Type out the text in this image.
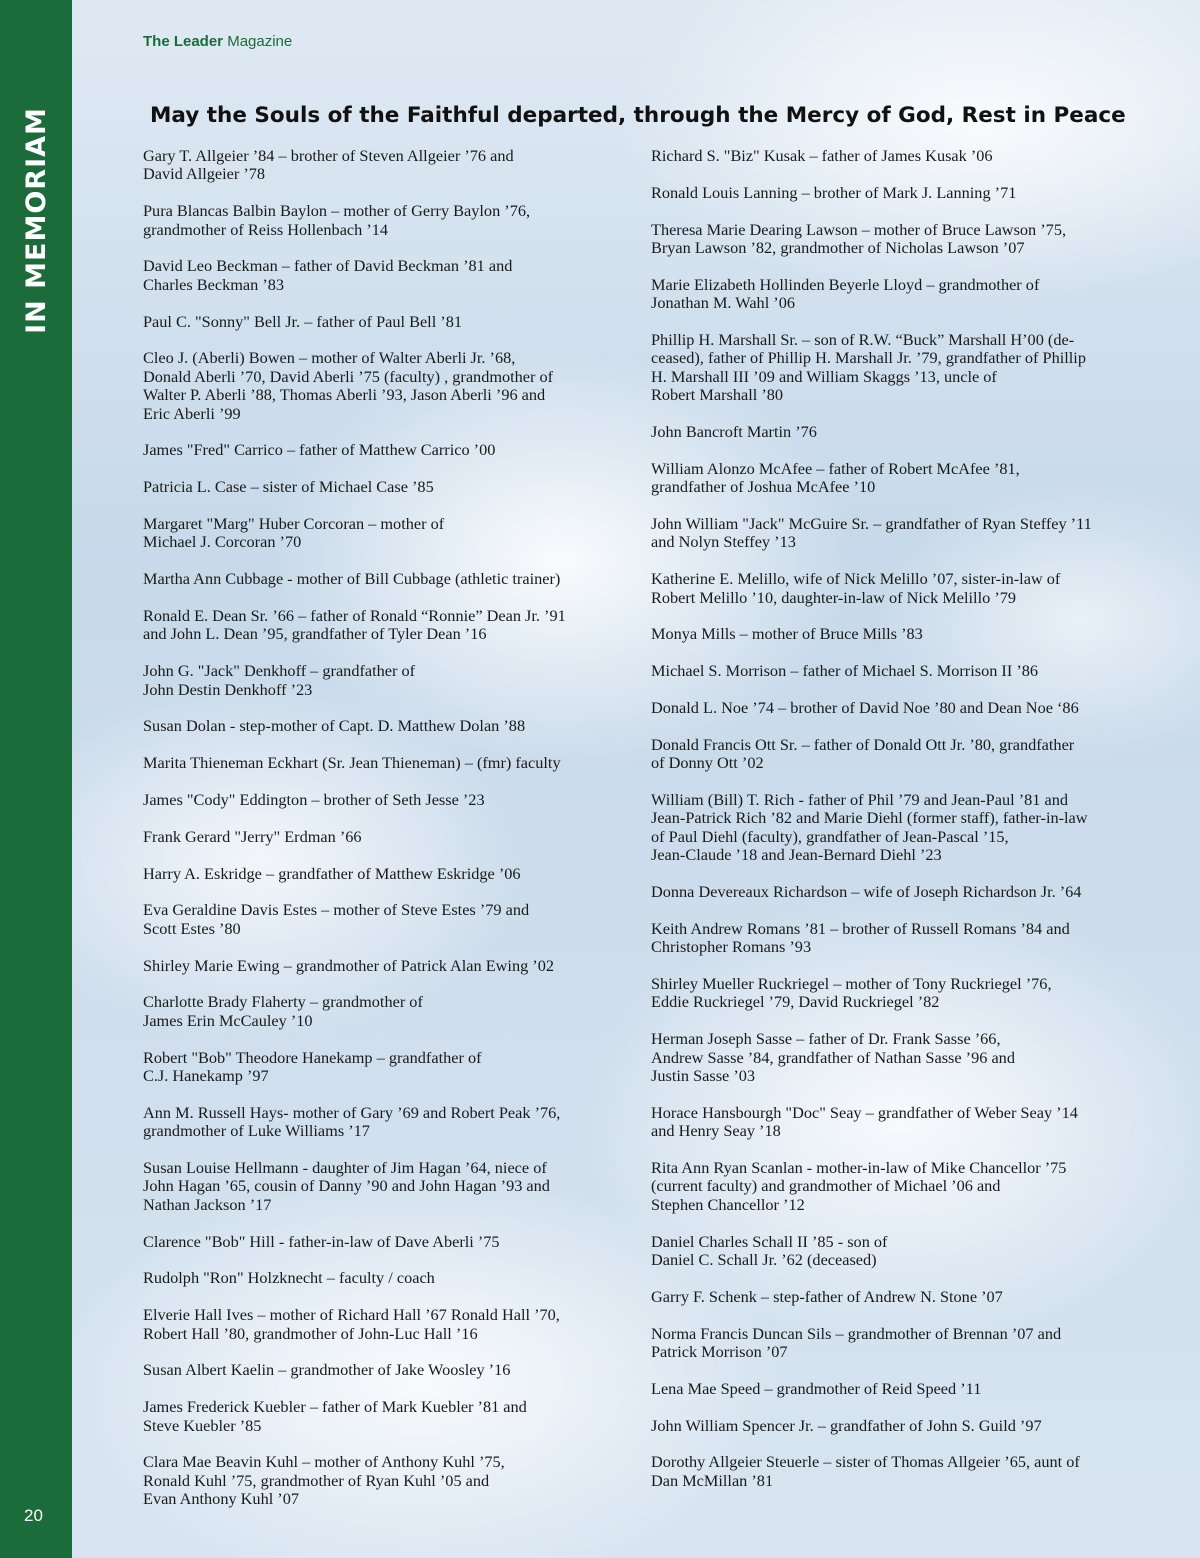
IN MEMORIAM
20
The Leader Magazine
May the Souls of the Faithful departed, through the Mercy of God, Rest in Peace

Gary T. Allgeier ’84 – brother of Steven Allgeier ’76 and
David Allgeier ’78

Pura Blancas Balbin Baylon – mother of Gerry Baylon ’76,
grandmother of Reiss Hollenbach ’14

David Leo Beckman – father of David Beckman ’81 and
Charles Beckman ’83

Paul C. "Sonny" Bell Jr. – father of Paul Bell ’81

Cleo J. (Aberli) Bowen – mother of Walter Aberli Jr. ’68,
Donald Aberli ’70, David Aberli ’75 (faculty) , grandmother of
Walter P. Aberli ’88, Thomas Aberli ’93, Jason Aberli ’96 and
Eric Aberli ’99

James "Fred" Carrico – father of Matthew Carrico ’00

Patricia L. Case – sister of Michael Case ’85

Margaret "Marg" Huber Corcoran – mother of
Michael J. Corcoran ’70

Martha Ann Cubbage - mother of Bill Cubbage (athletic trainer)

Ronald E. Dean Sr. ’66 – father of Ronald “Ronnie” Dean Jr. ’91
and John L. Dean ’95, grandfather of Tyler Dean ’16

John G. "Jack" Denkhoff – grandfather of
John Destin Denkhoff ’23

Susan Dolan - step-mother of Capt. D. Matthew Dolan ’88

Marita Thieneman Eckhart (Sr. Jean Thieneman) – (fmr) faculty

James "Cody" Eddington – brother of Seth Jesse ’23

Frank Gerard "Jerry" Erdman ’66

Harry A. Eskridge – grandfather of Matthew Eskridge ’06

Eva Geraldine Davis Estes – mother of Steve Estes ’79 and
Scott Estes ’80

Shirley Marie Ewing – grandmother of Patrick Alan Ewing ’02

Charlotte Brady Flaherty – grandmother of
James Erin McCauley ’10

Robert "Bob" Theodore Hanekamp – grandfather of
C.J. Hanekamp ’97

Ann M. Russell Hays- mother of Gary ’69 and Robert Peak ’76,
grandmother of Luke Williams ’17

Susan Louise Hellmann - daughter of Jim Hagan ’64, niece of
John Hagan ’65, cousin of Danny ’90 and John Hagan ’93 and
Nathan Jackson ’17

Clarence "Bob" Hill - father-in-law of Dave Aberli ’75

Rudolph "Ron" Holzknecht – faculty / coach

Elverie Hall Ives – mother of Richard Hall ’67 Ronald Hall ’70,
Robert Hall ’80, grandmother of John-Luc Hall ’16

Susan Albert Kaelin – grandmother of Jake Woosley ’16

James Frederick Kuebler – father of Mark Kuebler ’81 and
Steve Kuebler ’85

Clara Mae Beavin Kuhl – mother of Anthony Kuhl ’75,
Ronald Kuhl ’75, grandmother of Ryan Kuhl ’05 and
Evan Anthony Kuhl ’07

Richard S. "Biz" Kusak – father of James Kusak ’06

Ronald Louis Lanning – brother of Mark J. Lanning ’71

Theresa Marie Dearing Lawson – mother of Bruce Lawson ’75,
Bryan Lawson ’82, grandmother of Nicholas Lawson ’07

Marie Elizabeth Hollinden Beyerle Lloyd – grandmother of
Jonathan M. Wahl ’06

Phillip H. Marshall Sr. – son of R.W. “Buck” Marshall H’00 (de-
ceased), father of Phillip H. Marshall Jr. ’79, grandfather of Phillip
H. Marshall III ’09 and William Skaggs ’13, uncle of
Robert Marshall ’80

John Bancroft Martin ’76

William Alonzo McAfee – father of Robert McAfee ’81,
grandfather of Joshua McAfee ’10

John William "Jack" McGuire Sr. – grandfather of Ryan Steffey ’11
and Nolyn Steffey ’13

Katherine E. Melillo, wife of Nick Melillo ’07, sister-in-law of
Robert Melillo ’10, daughter-in-law of Nick Melillo ’79

Monya Mills – mother of Bruce Mills ’83

Michael S. Morrison – father of Michael S. Morrison II ’86

Donald L. Noe ’74 – brother of David Noe ’80 and Dean Noe ‘86

Donald Francis Ott Sr. – father of Donald Ott Jr. ’80, grandfather
of Donny Ott ’02

William (Bill) T. Rich - father of Phil ’79 and Jean-Paul ’81 and
Jean-Patrick Rich ’82 and Marie Diehl (former staff), father-in-law
of Paul Diehl (faculty), grandfather of Jean-Pascal ’15,
Jean-Claude ’18 and Jean-Bernard Diehl ’23

Donna Devereaux Richardson – wife of Joseph Richardson Jr. ’64

Keith Andrew Romans ’81 – brother of Russell Romans ’84 and
Christopher Romans ’93

Shirley Mueller Ruckriegel – mother of Tony Ruckriegel ’76,
Eddie Ruckriegel ’79, David Ruckriegel ’82

Herman Joseph Sasse – father of Dr. Frank Sasse ’66,
Andrew Sasse ’84, grandfather of Nathan Sasse ’96 and
Justin Sasse ’03

Horace Hansbourgh "Doc" Seay – grandfather of Weber Seay ’14
and Henry Seay ’18

Rita Ann Ryan Scanlan - mother-in-law of Mike Chancellor ’75
(current faculty) and grandmother of Michael ’06 and
Stephen Chancellor ’12

Daniel Charles Schall II ’85 - son of
Daniel C. Schall Jr. ’62 (deceased)

Garry F. Schenk – step-father of Andrew N. Stone ’07

Norma Francis Duncan Sils – grandmother of Brennan ’07 and
Patrick Morrison ’07

Lena Mae Speed – grandmother of Reid Speed ’11

John William Spencer Jr. – grandfather of John S. Guild ’97

Dorothy Allgeier Steuerle – sister of Thomas Allgeier ’65, aunt of
Dan McMillan ’81
